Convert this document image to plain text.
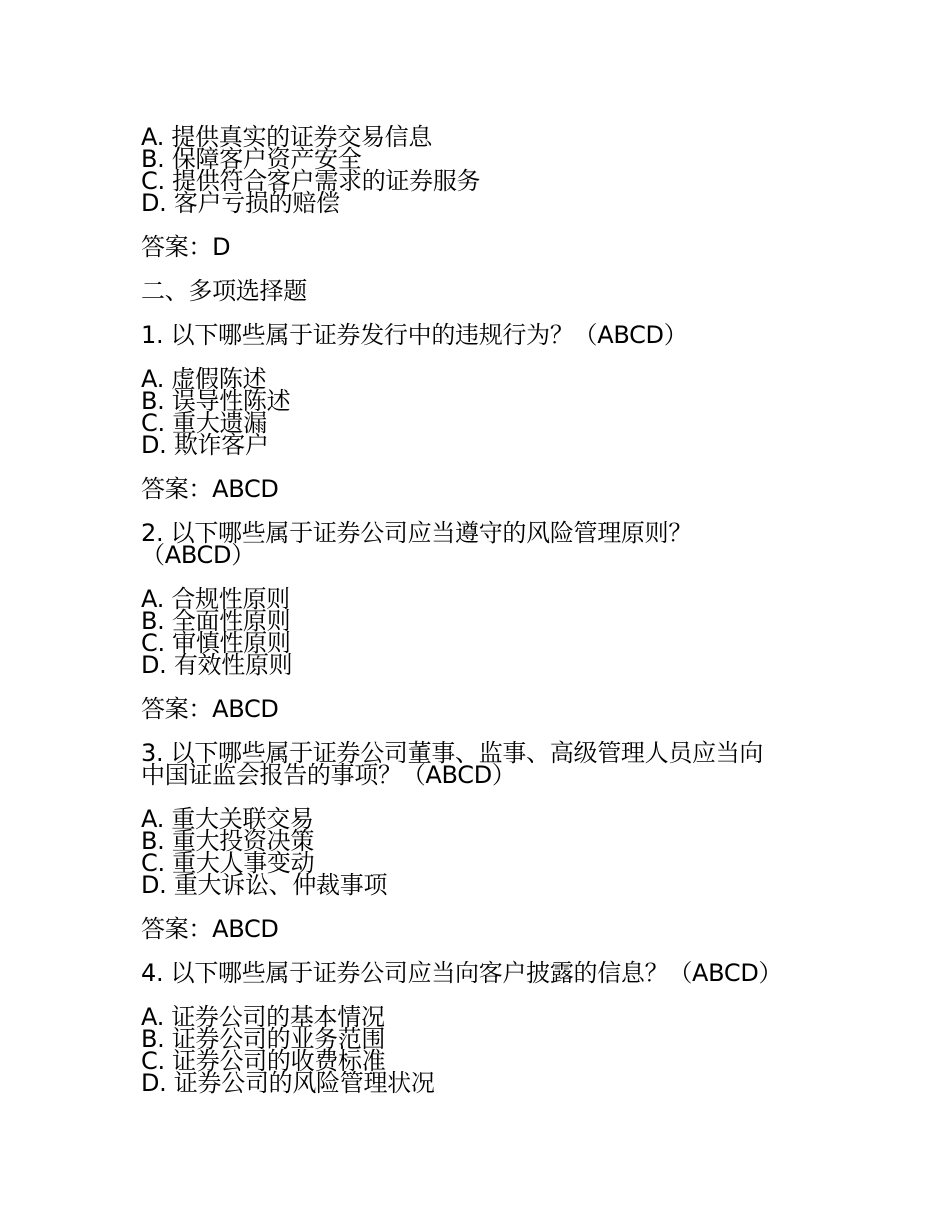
A. 提供真实的证券交易信息
B. 保障客户资产安全
C. 提供符合客户需求的证券服务
D. 客户亏损的赔偿
答案：D
二、多项选择题
1. 以下哪些属于证券发行中的违规行为？（ABCD）
A. 虚假陈述
B. 误导性陈述
C. 重大遗漏
D. 欺诈客户
答案：ABCD
2. 以下哪些属于证券公司应当遵守的风险管理原则？
（ABCD）
A. 合规性原则
B. 全面性原则
C. 审慎性原则
D. 有效性原则
答案：ABCD
3. 以下哪些属于证券公司董事、监事、高级管理人员应当向
中国证监会报告的事项？（ABCD）
A. 重大关联交易
B. 重大投资决策
C. 重大人事变动
D. 重大诉讼、仲裁事项
答案：ABCD
4. 以下哪些属于证券公司应当向客户披露的信息？（ABCD）
A. 证券公司的基本情况
B. 证券公司的业务范围
C. 证券公司的收费标准
D. 证券公司的风险管理状况
